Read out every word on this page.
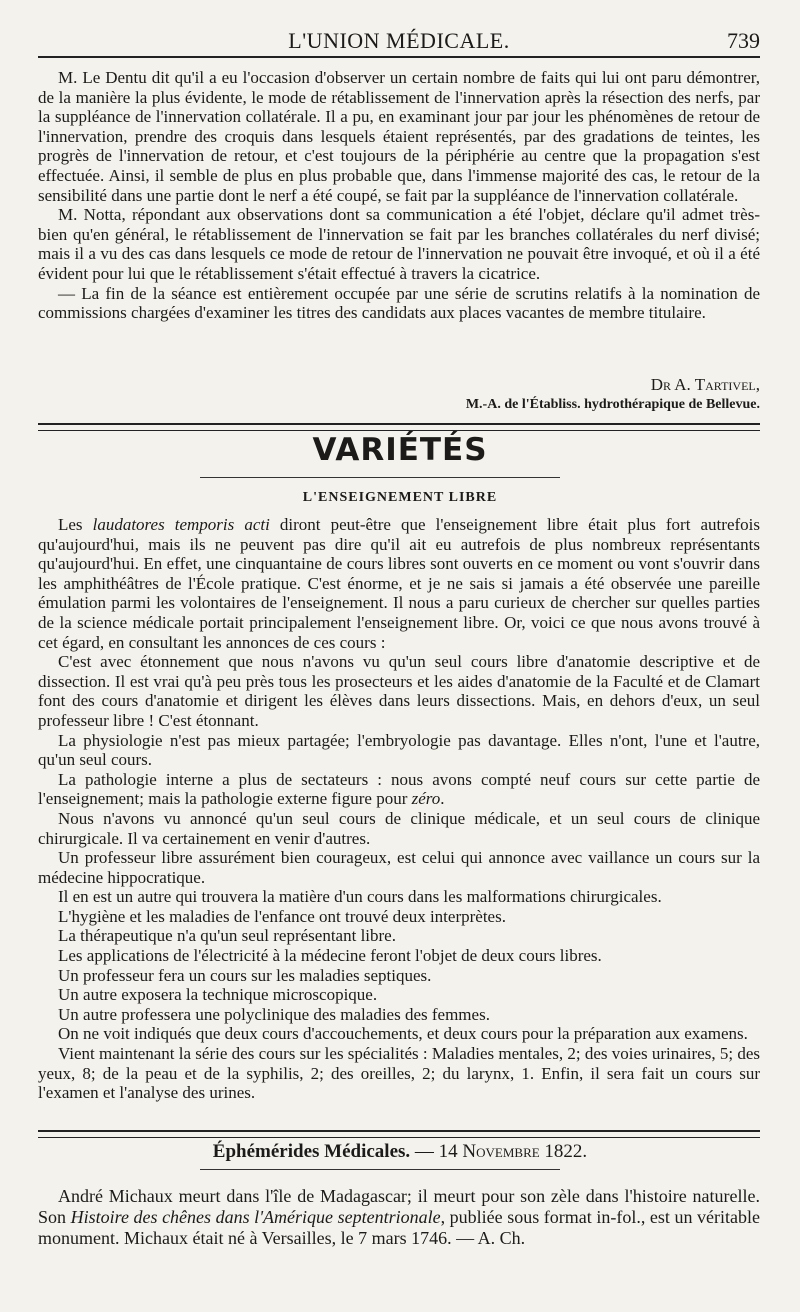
L'UNION MÉDICALE.	739

M. Le Dentu dit qu'il a eu l'occasion d'observer un certain nombre de faits qui lui ont paru démontrer, de la manière la plus évidente, le mode de rétablissement de l'innervation après la résection des nerfs, par la suppléance de l'innervation collatérale. Il a pu, en examinant jour par jour les phénomènes de retour de l'innervation, prendre des croquis dans lesquels étaient représentés, par des gradations de teintes, les progrès de l'innervation de retour, et c'est toujours de la périphérie au centre que la propagation s'est effectuée. Ainsi, il semble de plus en plus probable que, dans l'immense majorité des cas, le retour de la sensibilité dans une partie dont le nerf a été coupé, se fait par la suppléance de l'innervation collatérale.

M. Notta, répondant aux observations dont sa communication a été l'objet, déclare qu'il admet très-bien qu'en général, le rétablissement de l'innervation se fait par les branches collatérales du nerf divisé; mais il a vu des cas dans lesquels ce mode de retour de l'innervation ne pouvait être invoqué, et où il a été évident pour lui que le rétablissement s'était effectué à travers la cicatrice.

— La fin de la séance est entièrement occupée par une série de scrutins relatifs à la nomination de commissions chargées d'examiner les titres des candidats aux places vacantes de membre titulaire.

Dr A. Tartivel,
M.-A. de l'Établiss. hydrothérapique de Bellevue.
VARIÉTÉS
L'ENSEIGNEMENT LIBRE

Les laudatores temporis acti diront peut-être que l'enseignement libre était plus fort autrefois qu'aujourd'hui, mais ils ne peuvent pas dire qu'il ait eu autrefois de plus nombreux représentants qu'aujourd'hui. En effet, une cinquantaine de cours libres sont ouverts en ce moment ou vont s'ouvrir dans les amphithéâtres de l'École pratique. C'est énorme, et je ne sais si jamais a été observée une pareille émulation parmi les volontaires de l'enseignement. Il nous a paru curieux de chercher sur quelles parties de la science médicale portait principalement l'enseignement libre. Or, voici ce que nous avons trouvé à cet égard, en consultant les annonces de ces cours :

C'est avec étonnement que nous n'avons vu qu'un seul cours libre d'anatomie descriptive et de dissection. Il est vrai qu'à peu près tous les prosecteurs et les aides d'anatomie de la Faculté et de Clamart font des cours d'anatomie et dirigent les élèves dans leurs dissections. Mais, en dehors d'eux, un seul professeur libre ! C'est étonnant.

La physiologie n'est pas mieux partagée; l'embryologie pas davantage. Elles n'ont, l'une et l'autre, qu'un seul cours.

La pathologie interne a plus de sectateurs : nous avons compté neuf cours sur cette partie de l'enseignement; mais la pathologie externe figure pour zéro.

Nous n'avons vu annoncé qu'un seul cours de clinique médicale, et un seul cours de clinique chirurgicale. Il va certainement en venir d'autres.

Un professeur libre assurément bien courageux, est celui qui annonce avec vaillance un cours sur la médecine hippocratique.

Il en est un autre qui trouvera la matière d'un cours dans les malformations chirurgicales.

L'hygiène et les maladies de l'enfance ont trouvé deux interprètes.

La thérapeutique n'a qu'un seul représentant libre.

Les applications de l'électricité à la médecine feront l'objet de deux cours libres.

Un professeur fera un cours sur les maladies septiques.

Un autre exposera la technique microscopique.

Un autre professera une polyclinique des maladies des femmes.

On ne voit indiqués que deux cours d'accouchements, et deux cours pour la préparation aux examens.

Vient maintenant la série des cours sur les spécialités : Maladies mentales, 2; des voies urinaires, 5; des yeux, 8; de la peau et de la syphilis, 2; des oreilles, 2; du larynx, 1. Enfin, il sera fait un cours sur l'examen et l'analyse des urines.

Éphémérides Médicales. — 14 Novembre 1822.

André Michaux meurt dans l'île de Madagascar; il meurt pour son zèle dans l'histoire naturelle. Son Histoire des chênes dans l'Amérique septentrionale, publiée sous format in-fol., est un véritable monument. Michaux était né à Versailles, le 7 mars 1746. — A. Ch.
